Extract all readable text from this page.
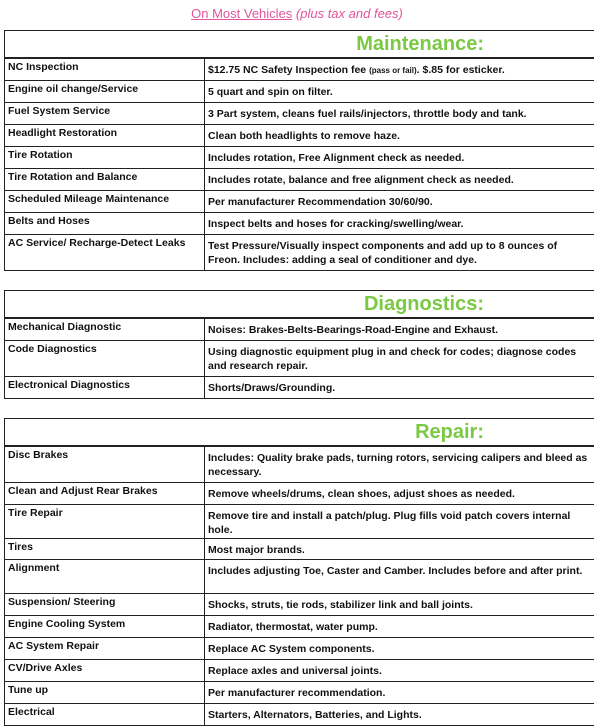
On Most Vehicles (plus tax and fees)
Maintenance:
NC Inspection	$12.75 NC Safety Inspection fee (pass or fail). $.85 for esticker.
Engine oil change/Service	5 quart and spin on filter.
Fuel System Service	3 Part system, cleans fuel rails/injectors, throttle body and tank.
Headlight Restoration	Clean both headlights to remove haze.
Tire Rotation	Includes rotation, Free Alignment check as needed.
Tire Rotation and Balance	Includes rotate, balance and free alignment check as needed.
Scheduled Mileage Maintenance	Per manufacturer Recommendation 30/60/90.
Belts and Hoses	Inspect belts and hoses for cracking/swelling/wear.
AC Service/ Recharge-Detect Leaks	Test Pressure/Visually inspect components and add up to 8 ounces of Freon. Includes: adding a seal of conditioner and dye.
Diagnostics:
Mechanical Diagnostic	Noises: Brakes-Belts-Bearings-Road-Engine and Exhaust.
Code Diagnostics	Using diagnostic equipment plug in and check for codes; diagnose codes and research repair.
Electronical Diagnostics	Shorts/Draws/Grounding.
Repair:
Disc Brakes	Includes: Quality brake pads, turning rotors, servicing calipers and bleed as necessary.
Clean and Adjust Rear Brakes	Remove wheels/drums, clean shoes, adjust shoes as needed.
Tire Repair	Remove tire and install a patch/plug. Plug fills void patch covers internal hole.
Tires	Most major brands.
Alignment	Includes adjusting Toe, Caster and Camber. Includes before and after print.
Suspension/ Steering	Shocks, struts, tie rods, stabilizer link and ball joints.
Engine Cooling System	Radiator, thermostat, water pump.
AC System Repair	Replace AC System components.
CV/Drive Axles	Replace axles and universal joints.
Tune up	Per manufacturer recommendation.
Electrical	Starters, Alternators, Batteries, and Lights.
